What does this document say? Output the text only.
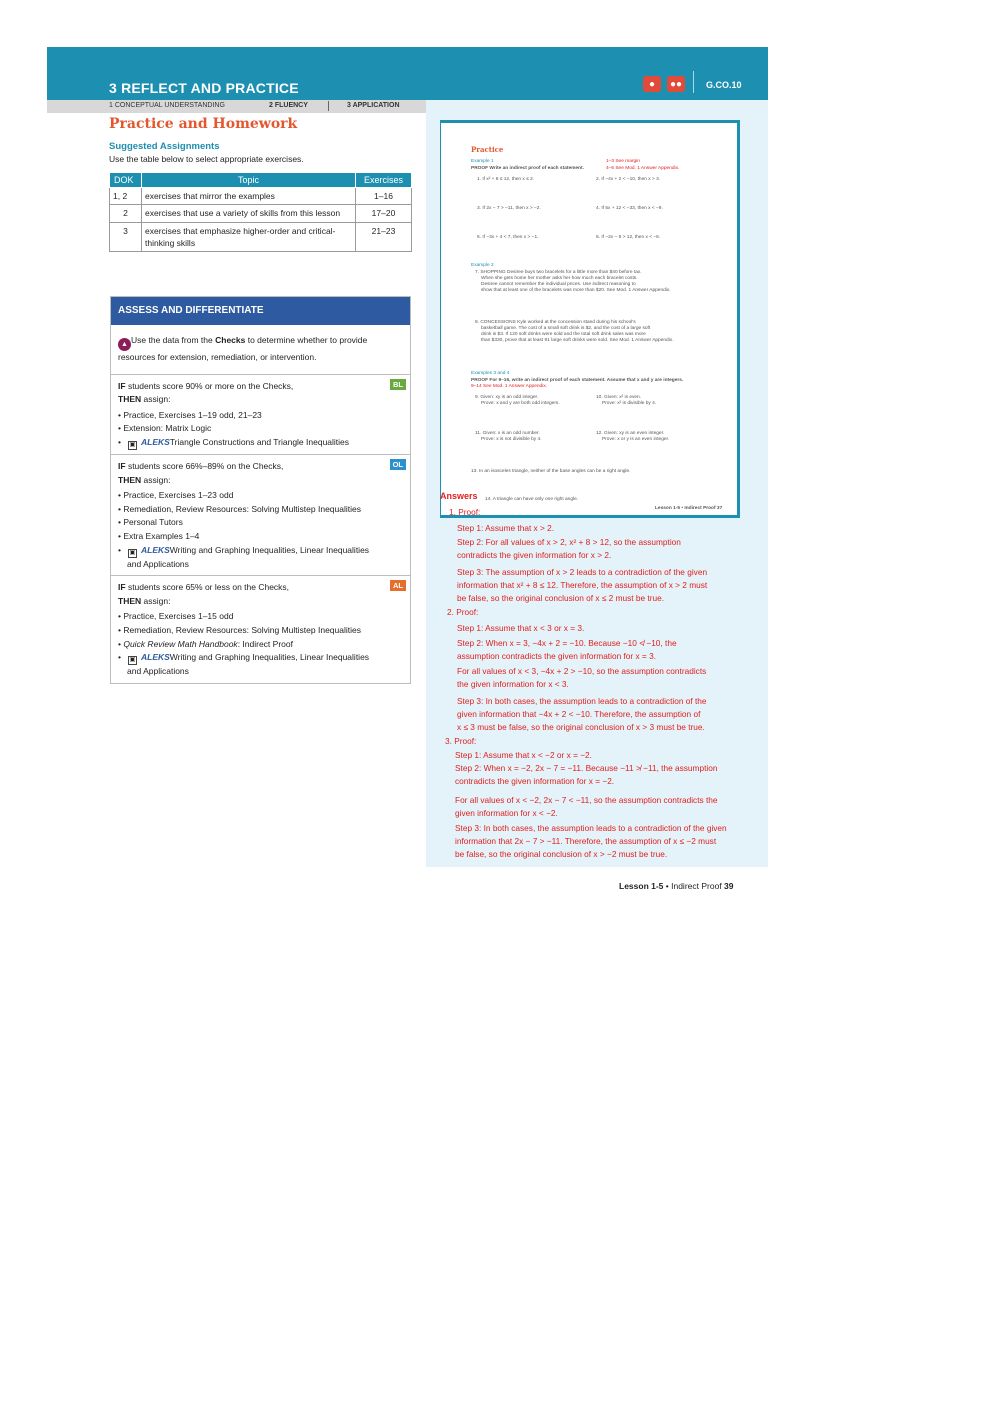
3 REFLECT AND PRACTICE	●	●●	G.CO.10
1 CONCEPTUAL UNDERSTANDING	2 FLUENCY	3 APPLICATION
Practice and Homework
Suggested Assignments
Use the table below to select appropriate exercises.
DOK	Topic	Exercises
1, 2	exercises that mirror the examples	1–16
2	exercises that use a variety of skills from this lesson	17–20
3	exercises that emphasize higher-order and critical-thinking skills	21–23
ASSESS AND DIFFERENTIATE
▲ Use the data from the Checks to determine whether to provide resources for extension, remediation, or intervention.
BL
IF students score 90% or more on the Checks,
THEN assign:
• Practice, Exercises 1–19 odd, 21–23
• Extension: Matrix Logic
• ▣ ALEKSTriangle Constructions and Triangle Inequalities
OL
IF students score 66%–89% on the Checks,
THEN assign:
• Practice, Exercises 1–23 odd
• Remediation, Review Resources: Solving Multistep Inequalities
• Personal Tutors
• Extra Examples 1–4
• ▣ ALEKSWriting and Graphing Inequalities, Linear Inequalities
and Applications
AL
IF students score 65% or less on the Checks,
THEN assign:
• Practice, Exercises 1–15 odd
• Remediation, Review Resources: Solving Multistep Inequalities
• Quick Review Math Handbook: Indirect Proof
• ▣ ALEKSWriting and Graphing Inequalities, Linear Inequalities
and Applications
Practice
Example 1
PROOF Write an indirect proof of each statement.
1–3 See margin
4–6 See Mod. 1 Answer Appendix.
1. If x² + 8 ≤ 12, then x ≤ 2.	2. If −4x + 2 < −10, then x > 3.
3. If 2x − 7 > −11, then x > −2.	4. If 5x + 12 < −33, then x < −9.
5. If −3x + 4 < 7, then x > −1.	6. If −2x − 6 > 12, then x < −6.
Example 2
7. SHOPPING Desiree buys two bracelets for a little more than $40 before tax.
When she gets home her mother asks her how much each bracelet costs.
Desiree cannot remember the individual prices. Use indirect reasoning to
show that at least one of the bracelets was more than $20. See Mod. 1 Answer Appendix.
8. CONCESSIONS Kyle worked at the concession stand during his school's
basketball game. The cost of a small soft drink is $2, and the cost of a large soft
drink is $3. If 120 soft drinks were sold and the total soft drink sales was more
than $330, prove that at least 91 large soft drinks were sold. See Mod. 1 Answer Appendix.
Examples 3 and 4
PROOF For 9–16, write an indirect proof of each statement. Assume that x and y are integers.
9–14 See Mod. 1 Answer Appendix.
9. Given: xy is an odd integer.
Prove: x and y are both odd integers.
10. Given: x² is even.
Prove: x² is divisible by 4.
11. Given: x is an odd number.
Prove: x is not divisible by 4.
12. Given: xy is an even integer.
Prove: x or y is an even integer.
13. In an isosceles triangle, neither of the base angles can be a right angle.
14. A triangle can have only one right angle.
Lesson 1-5 • Indirect Proof 37
Answers
1. Proof:
Step 1: Assume that x > 2.
Step 2: For all values of x > 2, x² + 8 > 12, so the assumption
contradicts the given information for x > 2.
Step 3: The assumption of x > 2 leads to a contradiction of the given
information that x² + 8 ≤ 12. Therefore, the assumption of x > 2 must
be false, so the original conclusion of x ≤ 2 must be true.
2. Proof:
Step 1: Assume that x < 3 or x = 3.
Step 2: When x = 3, −4x + 2 = −10. Because −10 ≮ −10, the
assumption contradicts the given information for x = 3.
For all values of x < 3, −4x + 2 > −10, so the assumption contradicts
the given information for x < 3.
Step 3: In both cases, the assumption leads to a contradiction of the
given information that −4x + 2 < −10. Therefore, the assumption of
x ≤ 3 must be false, so the original conclusion of x > 3 must be true.
3. Proof:
Step 1: Assume that x < −2 or x = −2.
Step 2: When x = −2, 2x − 7 = −11. Because −11 ≯ −11, the assumption
contradicts the given information for x = −2.
For all values of x < −2, 2x − 7 < −11, so the assumption contradicts the
given information for x < −2.
Step 3: In both cases, the assumption leads to a contradiction of the given
information that 2x − 7 > −11. Therefore, the assumption of x ≤ −2 must
be false, so the original conclusion of x > −2 must be true.
Lesson 1-5 • Indirect Proof 39
